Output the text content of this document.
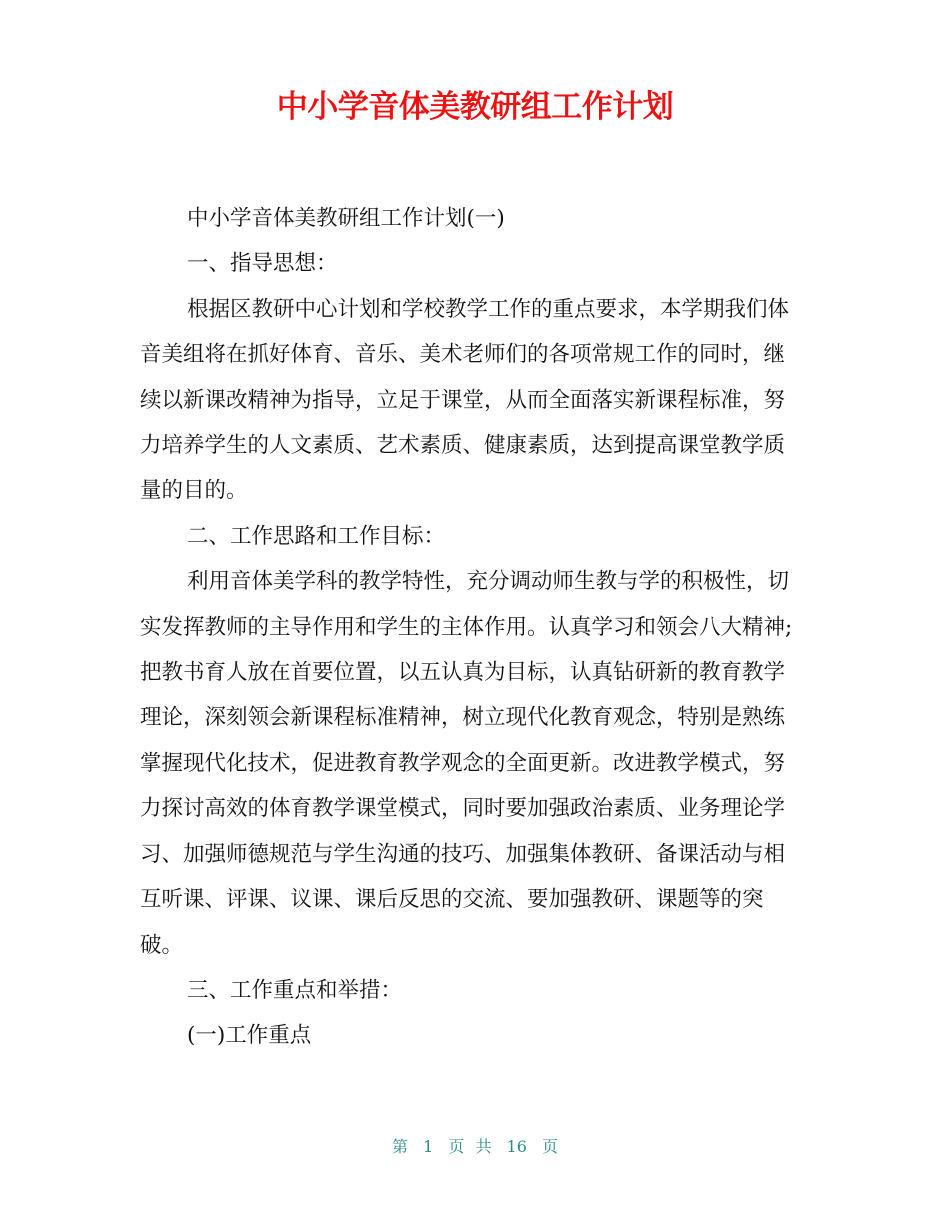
中小学音体美教研组工作计划

中小学音体美教研组工作计划(一)

一、指导思想：

根据区教研中心计划和学校教学工作的重点要求，本学期我们体音美组将在抓好体育、音乐、美术老师们的各项常规工作的同时，继续以新课改精神为指导，立足于课堂，从而全面落实新课程标准，努力培养学生的人文素质、艺术素质、健康素质，达到提高课堂教学质量的目的。

二、工作思路和工作目标：

利用音体美学科的教学特性，充分调动师生教与学的积极性，切实发挥教师的主导作用和学生的主体作用。认真学习和领会八大精神;把教书育人放在首要位置，以五认真为目标，认真钻研新的教育教学理论，深刻领会新课程标准精神，树立现代化教育观念，特别是熟练掌握现代化技术，促进教育教学观念的全面更新。改进教学模式，努力探讨高效的体育教学课堂模式，同时要加强政治素质、业务理论学习、加强师德规范与学生沟通的技巧、加强集体教研、备课活动与相互听课、评课、议课、课后反思的交流、要加强教研、课题等的突破。

三、工作重点和举措：

(一)工作重点

第 1 页 共 16 页
